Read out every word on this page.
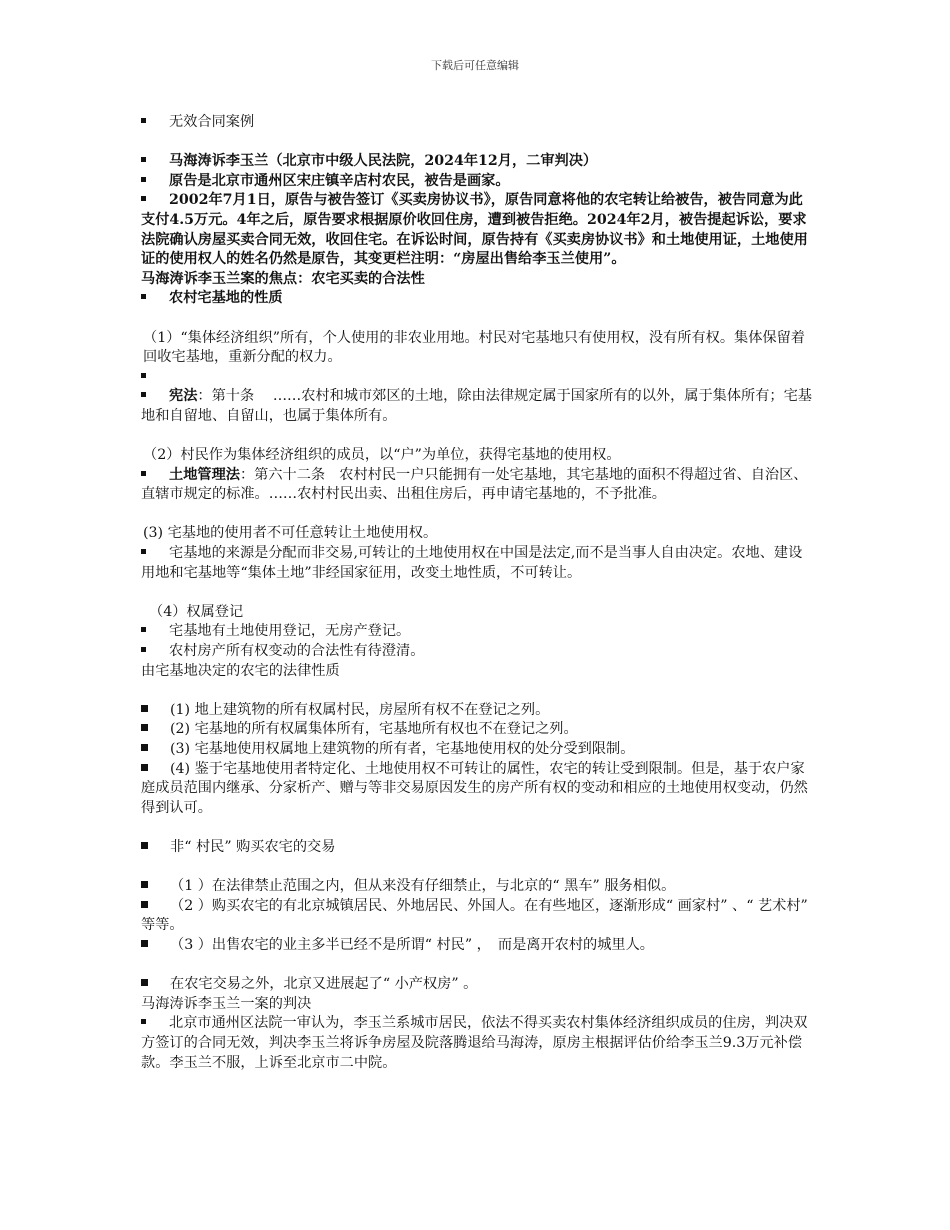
下载后可任意编辑

无效合同案例

马海涛诉李玉兰（北京市中级人民法院，2024年12月，二审判决）

原告是北京市通州区宋庄镇辛店村农民，被告是画家。

2002年7月1日，原告与被告签订《买卖房协议书》，原告同意将他的农宅转让给被告，被告同意为此支付4.5万元。4年之后，原告要求根据原价收回住房，遭到被告拒绝。2024年2月，被告提起诉讼，要求法院确认房屋买卖合同无效，收回住宅。在诉讼时间，原告持有《买卖房协议书》和土地使用证，土地使用证的使用权人的姓名仍然是原告，其变更栏注明：“房屋出售给李玉兰使用”。

马海涛诉李玉兰案的焦点：农宅买卖的合法性

农村宅基地的性质

（1）“集体经济组织”所有，个人使用的非农业用地。村民对宅基地只有使用权，没有所有权。集体保留着回收宅基地，重新分配的权力。

宪法：第十条　 ……农村和城市郊区的土地，除由法律规定属于国家所有的以外，属于集体所有；宅基地和自留地、自留山，也属于集体所有。

（2）村民作为集体经济组织的成员，以“户”为单位，获得宅基地的使用权。

土地管理法：第六十二条　农村村民一户只能拥有一处宅基地，其宅基地的面积不得超过省、自治区、直辖市规定的标准。……农村村民出卖、出租住房后，再申请宅基地的，不予批准。

(3) 宅基地的使用者不可任意转让土地使用权。

宅基地的来源是分配而非交易,可转让的土地使用权在中国是法定,而不是当事人自由决定。农地、建设用地和宅基地等“集体土地”非经国家征用，改变土地性质，不可转让。

（4）权属登记

宅基地有土地使用登记，无房产登记。

农村房产所有权变动的合法性有待澄清。

由宅基地决定的农宅的法律性质

(1) 地上建筑物的所有权属村民，房屋所有权不在登记之列。

(2) 宅基地的所有权属集体所有，宅基地所有权也不在登记之列。

(3) 宅基地使用权属地上建筑物的所有者，宅基地使用权的处分受到限制。

(4) 鉴于宅基地使用者特定化、土地使用权不可转让的属性，农宅的转让受到限制。但是，基于农户家庭成员范围内继承、分家析产、赠与等非交易原因发生的房产所有权的变动和相应的土地使用权变动，仍然得到认可。

非“ 村民” 购买农宅的交易

（1 ）在法律禁止范围之内，但从来没有仔细禁止，与北京的“ 黑车” 服务相似。

（2 ）购买农宅的有北京城镇居民、外地居民、外国人。在有些地区，逐渐形成“ 画家村” 、“ 艺术村” 等等。

（3 ）出售农宅的业主多半已经不是所谓“ 村民” ，　而是离开农村的城里人。

在农宅交易之外，北京又进展起了“ 小产权房” 。

马海涛诉李玉兰一案的判决

北京市通州区法院一审认为，李玉兰系城市居民，依法不得买卖农村集体经济组织成员的住房，判决双方签订的合同无效，判决李玉兰将诉争房屋及院落腾退给马海涛，原房主根据评估价给李玉兰9.3万元补偿款。李玉兰不服，上诉至北京市二中院。
